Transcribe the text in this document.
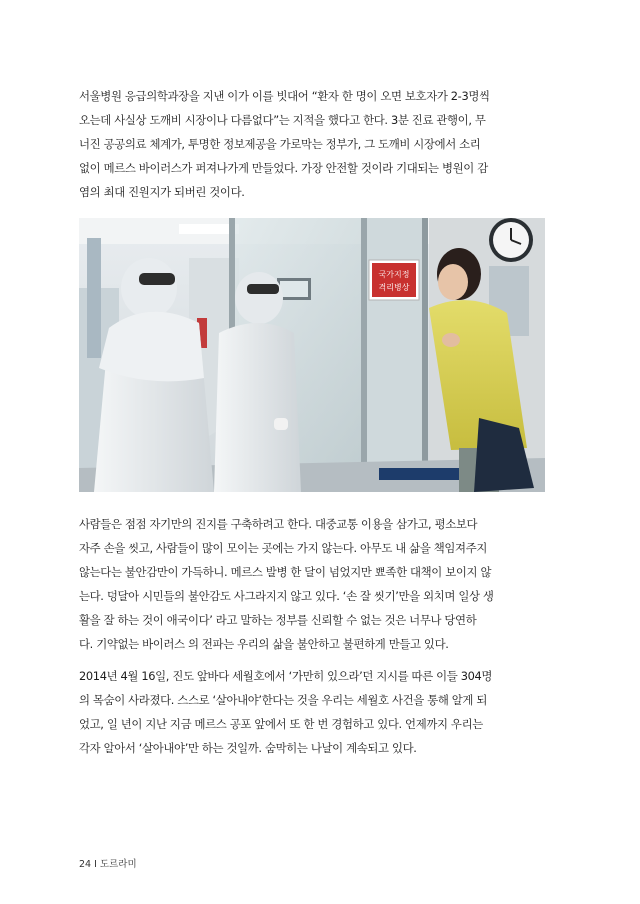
서울병원 응급의학과장을 지낸 이가 이를 빗대어 “환자 한 명이 오면 보호자가 2-3명씩
오는데 사실상 도깨비 시장이나 다름없다”는 지적을 했다고 한다. 3분 진료 관행이, 무
너진 공공의료 체계가, 투명한 정보제공을 가로막는 정부가, 그 도깨비 시장에서 소리
없이 메르스 바이러스가 퍼져나가게 만들었다. 가장 안전할 것이라 기대되는 병원이 감
염의 최대 진원지가 되버린 것이다.
국가지정
격리병상
사람들은 점점 자기만의 진지를 구축하려고 한다. 대중교통 이용을 삼가고, 평소보다
자주 손을 씻고, 사람들이 많이 모이는 곳에는 가지 않는다. 아무도 내 삶을 책임져주지
않는다는 불안감만이 가득하니. 메르스 발병 한 달이 넘었지만 뾰족한 대책이 보이지 않
는다. 덩달아 시민들의 불안감도 사그라지지 않고 있다. ‘손 잘 씻기’만을 외치며 일상 생
활을 잘 하는 것이 애국이다’ 라고 말하는 정부를 신뢰할 수 없는 것은 너무나 당연하
다. 기약없는 바이러스 의 전파는 우리의 삶을 불안하고 불편하게 만들고 있다.
2014년 4월 16일, 진도 앞바다 세월호에서 ‘가만히 있으라’던 지시를 따른 이들 304명
의 목숨이 사라졌다. 스스로 ‘살아내야’한다는 것을 우리는 세월호 사건을 통해 알게 되
었고, 일 년이 지난 지금 메르스 공포 앞에서 또 한 번 경험하고 있다. 언제까지 우리는
각자 알아서 ‘살아내야’만 하는 것일까. 숨막히는 나날이 계속되고 있다.
24 I 도르라미
